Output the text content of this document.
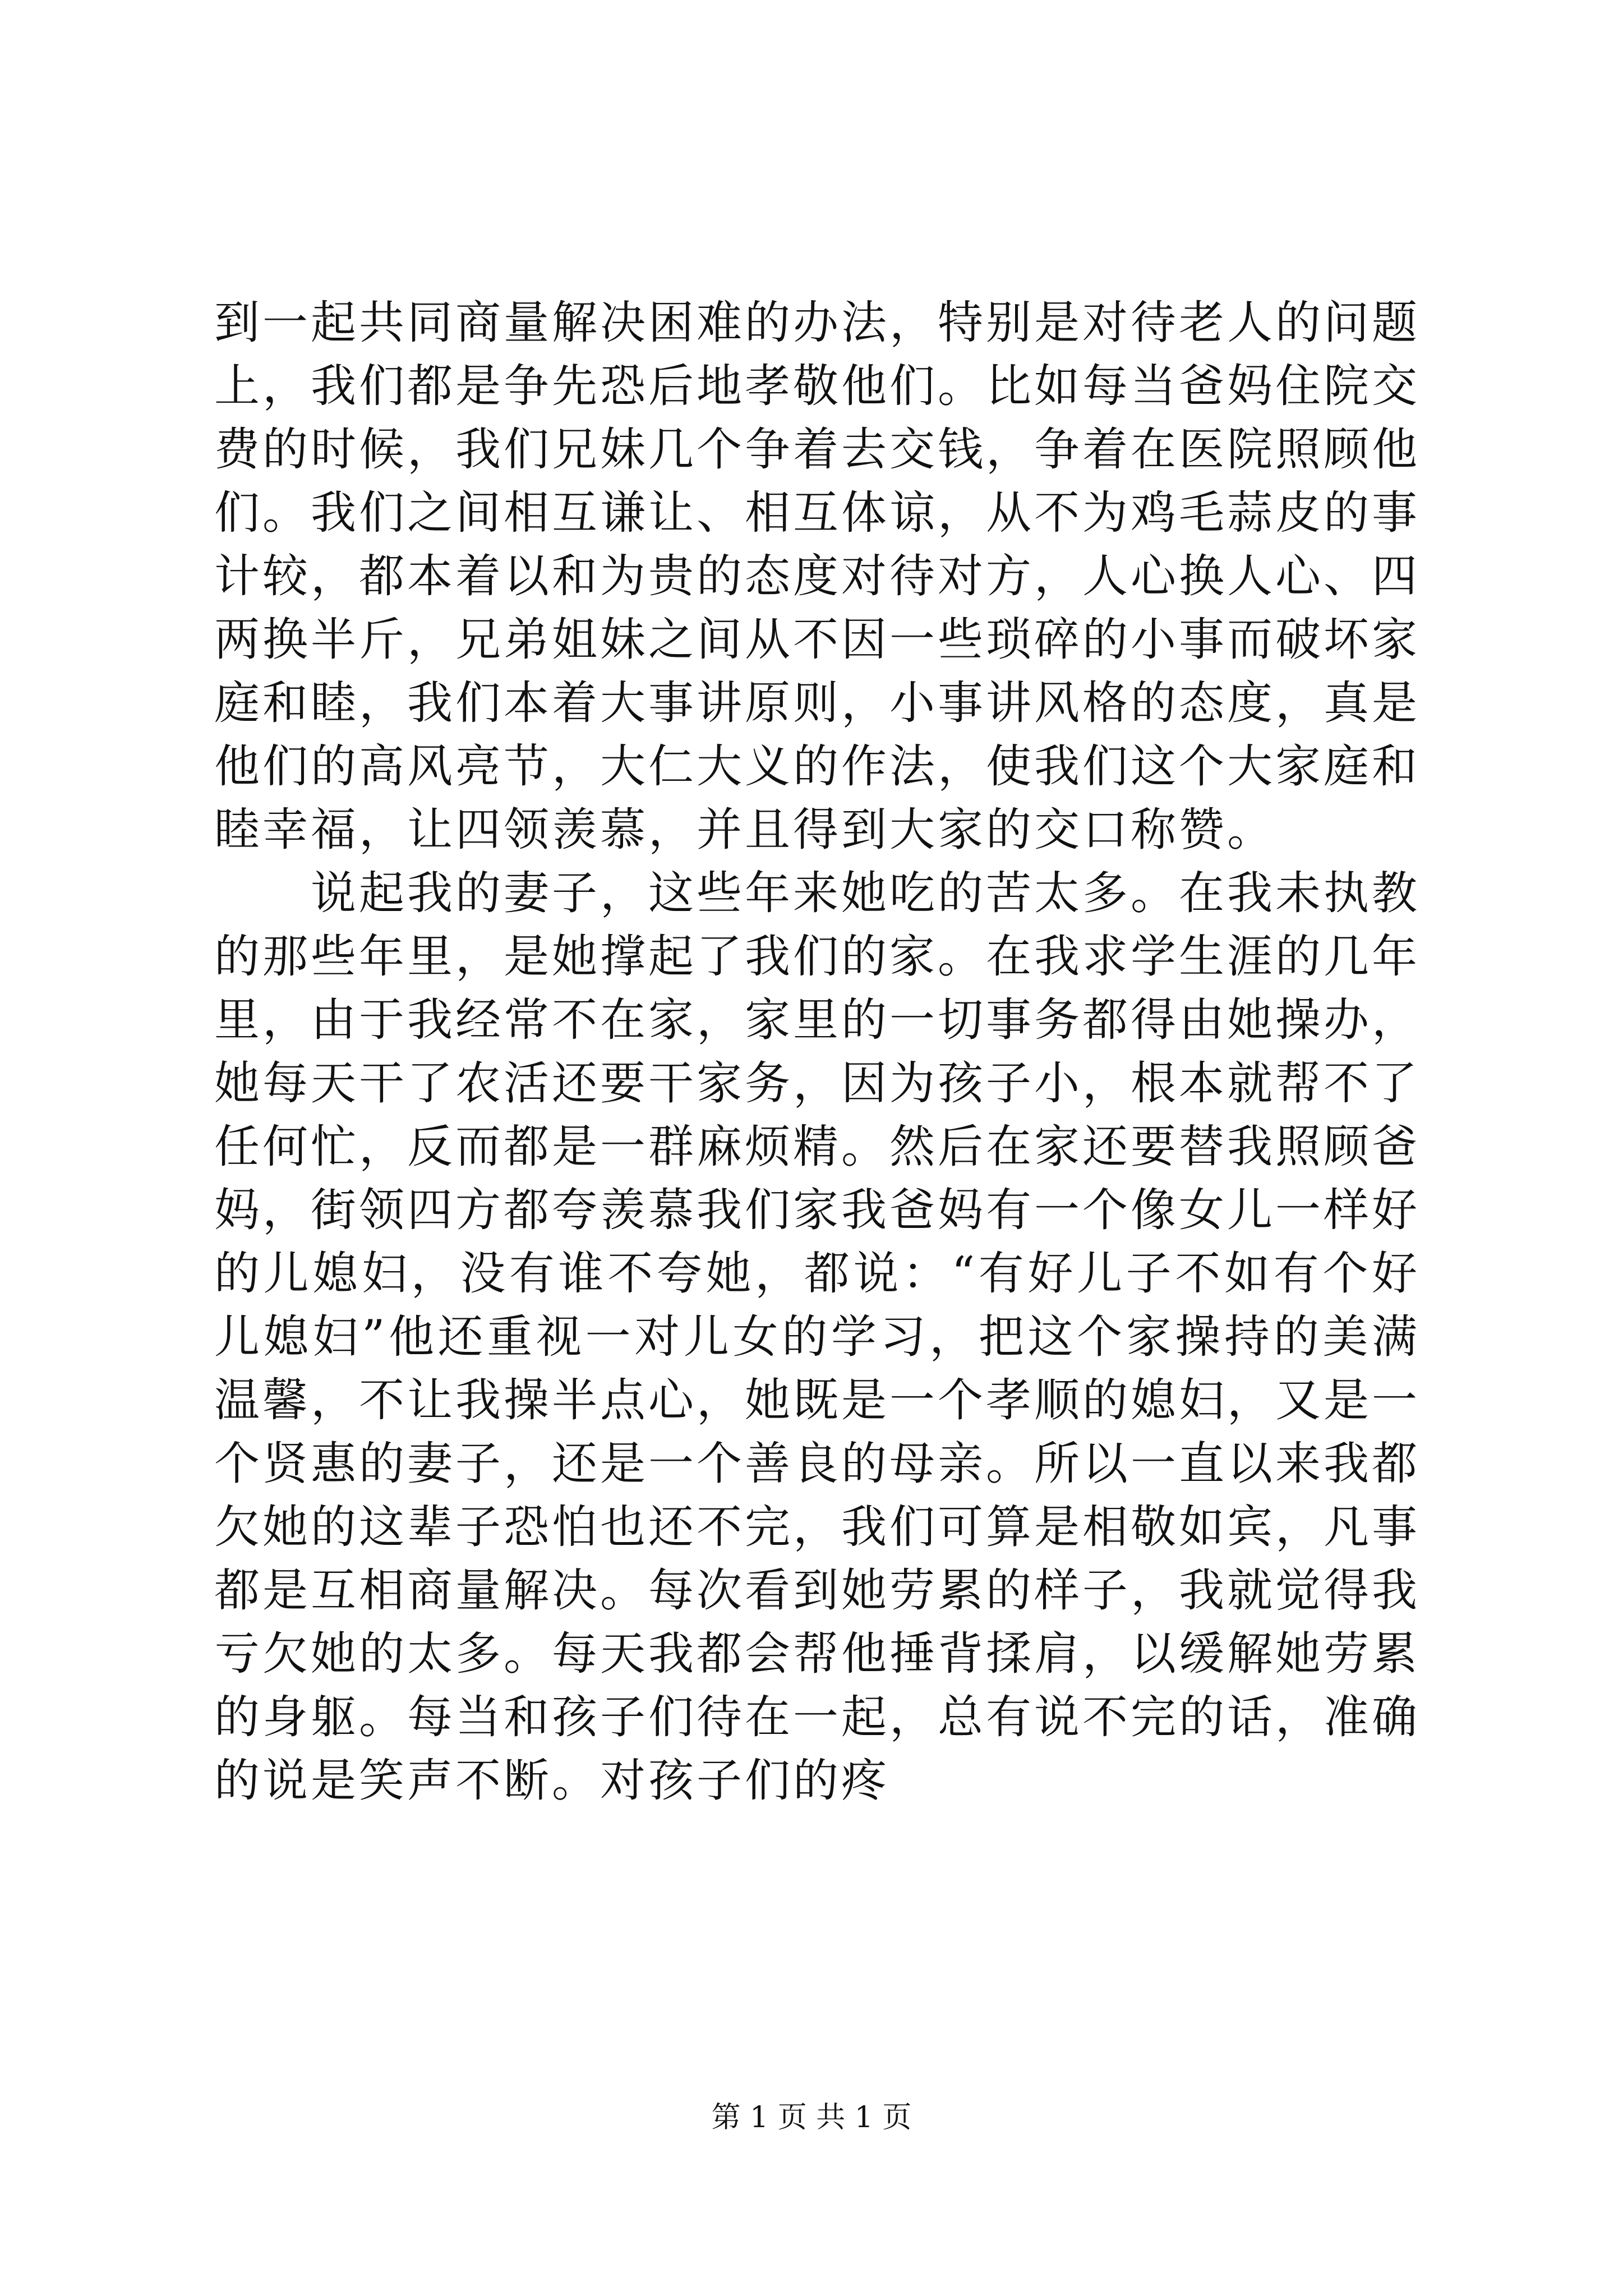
到一起共同商量解决困难的办法，特别是对待老人的问题上，我们都是争先恐后地孝敬他们。比如每当爸妈住院交费的时候，我们兄妹几个争着去交钱，争着在医院照顾他们。我们之间相互谦让、相互体谅，从不为鸡毛蒜皮的事计较，都本着以和为贵的态度对待对方，人心换人心、四两换半斤，兄弟姐妹之间从不因一些琐碎的小事而破坏家庭和睦，我们本着大事讲原则，小事讲风格的态度，真是他们的高风亮节，大仁大义的作法，使我们这个大家庭和睦幸福，让四领羡慕，并且得到大家的交口称赞。

说起我的妻子，这些年来她吃的苦太多。在我未执教的那些年里，是她撑起了我们的家。在我求学生涯的几年里，由于我经常不在家，家里的一切事务都得由她操办，她每天干了农活还要干家务，因为孩子小，根本就帮不了任何忙，反而都是一群麻烦精。然后在家还要替我照顾爸妈，街领四方都夸羡慕我们家我爸妈有一个像女儿一样好的儿媳妇，没有谁不夸她，都说：“有好儿子不如有个好儿媳妇”他还重视一对儿女的学习，把这个家操持的美满温馨，不让我操半点心，她既是一个孝顺的媳妇，又是一个贤惠的妻子，还是一个善良的母亲。所以一直以来我都欠她的这辈子恐怕也还不完，我们可算是相敬如宾，凡事都是互相商量解决。每次看到她劳累的样子，我就觉得我亏欠她的太多。每天我都会帮他捶背揉肩，以缓解她劳累的身躯。每当和孩子们待在一起，总有说不完的话，准确的说是笑声不断。对孩子们的疼

第 1 页 共 1 页
